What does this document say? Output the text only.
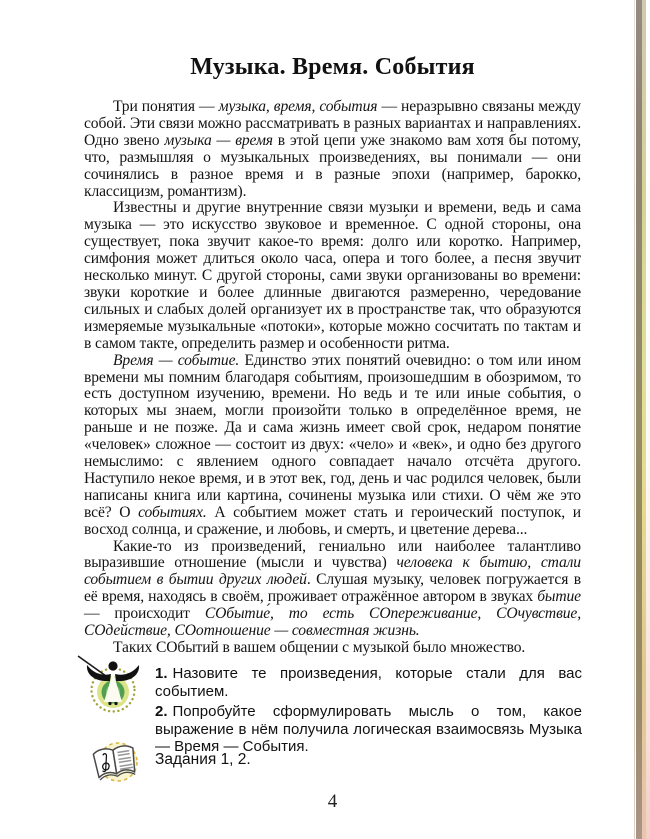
Музыка. Время. События

Три понятия — музыка, время, события — неразрывно связаны между собой. Эти связи можно рассматривать в разных вариантах и направлениях. Одно звено музыка — время в этой цепи уже знакомо вам хотя бы потому, что, размышляя о музыкальных произведениях, вы понимали — они сочинялись в разное время и в разные эпохи (например, барокко, классицизм, романтизм).

Известны и другие внутренние связи музыки и времени, ведь и сама музыка — это искусство звуковое и временно́е. С одной стороны, она существует, пока звучит какое-то время: долго или коротко. Например, симфония может длиться около часа, опера и того более, а песня звучит несколько минут. С другой стороны, сами звуки организованы во времени: звуки короткие и более длинные двигаются размеренно, чередование сильных и слабых долей организует их в пространстве так, что образуются измеряемые музыкальные «потоки», которые можно сосчитать по тактам и в самом такте, определить размер и особенности ритма.

Время — событие. Единство этих понятий очевидно: о том или ином времени мы помним благодаря событиям, произошедшим в обозримом, то есть доступном изучению, времени. Но ведь и те или иные события, о которых мы знаем, могли произойти только в определённое время, не раньше и не позже. Да и сама жизнь имеет свой срок, недаром понятие «человек» сложное — состоит из двух: «чело» и «век», и одно без другого немыслимо: с явлением одного совпадает начало отсчёта другого. Наступило некое время, и в этот век, год, день и час родился человек, были написаны книга или картина, сочинены музыка или стихи. О чём же это всё? О событиях. А событием может стать и героический поступок, и восход солнца, и сражение, и любовь, и смерть, и цветение дерева...

Какие-то из произведений, гениально или наиболее талантливо выразившие отношение (мысли и чувства) человека к бытию, стали событием в бытии других людей. Слушая музыку, человек погружается в её время, находясь в своём, проживает отражённое автором в звуках бытие — происходит СОбытие́, то есть СОпереживание, СОчувствие, СОдействие, СОотношение — совместная жизнь.

Таких СОбытий в вашем общении с музыкой было множество.

1. Назовите те произведения, которые стали для вас событием.
2. Попробуйте сформулировать мысль о том, какое выражение в нём получила логическая взаимосвязь Музыка — Время — События.
Задания 1, 2.
4
